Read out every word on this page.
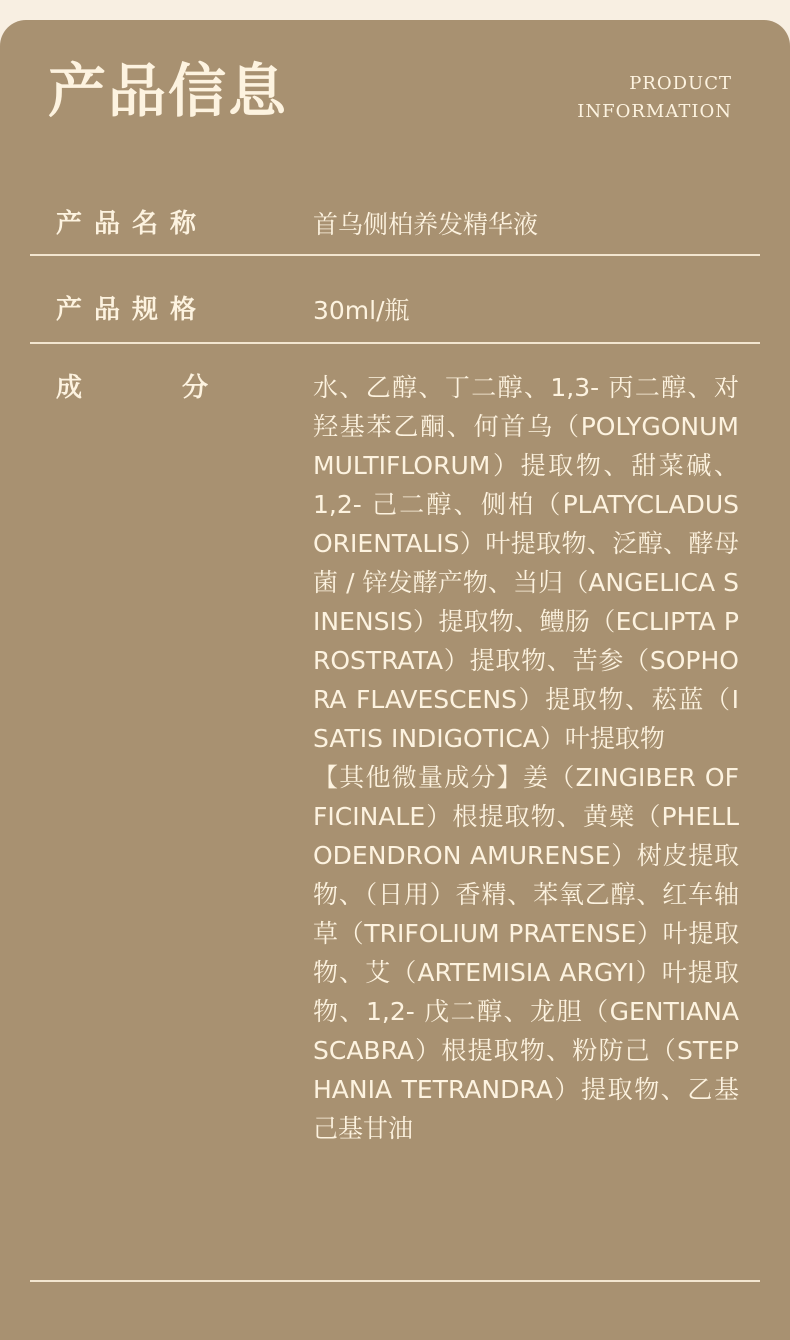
产品信息	PRODUCT
INFORMATION
产品名称	首乌侧柏养发精华液
产品规格	30ml/瓶
成	分	水、乙醇、丁二醇、1,3- 丙二醇、对羟基苯乙酮、何首乌（POLYGONUM MULTIFLORUM）提取物、甜菜碱、1,2- 己二醇、侧柏（PLATYCLADUS ORIENTALIS）叶提取物、泛醇、酵母菌 / 锌发酵产物、当归（ANGELICA SINENSIS）提取物、鳢肠（ECLIPTA PROSTRATA）提取物、苦参（SOPHORA FLAVESCENS）提取物、菘蓝（ISATIS INDIGOTICA）叶提取物

【其他微量成分】姜（ZINGIBER OFFICINALE）根提取物、黄檗（PHELLODENDRON AMURENSE）树皮提取物、（日用）香精、苯氧乙醇、红车轴草（TRIFOLIUM PRATENSE）叶提取物、艾（ARTEMISIA ARGYI）叶提取物、1,2- 戊二醇、龙胆（GENTIANA SCABRA）根提取物、粉防己（STEPHANIA TETRANDRA）提取物、乙基己基甘油
